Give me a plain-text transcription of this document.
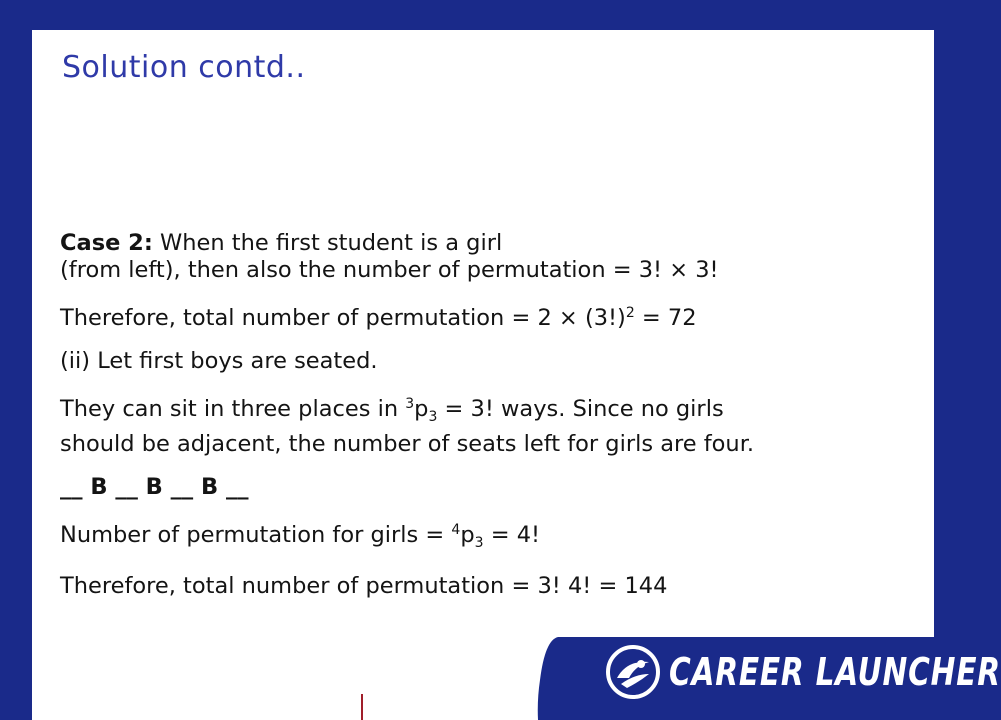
Solution contd..

Case 2: When the first student is a girl
(from left), then also the number of permutation = 3! × 3!

Therefore, total number of permutation = $2 \times (3!)^2 = 72$

(ii) Let first boys are seated.

They can sit in three places in $^3p_3 = 3$! ways. Since no girls
should be adjacent, the number of seats left for girls are four.

__ B __ B __ B __

Number of permutation for girls = $^4p_3 = 4$!

Therefore, total number of permutation = 3! 4! = 144

CAREER LAUNCHER
